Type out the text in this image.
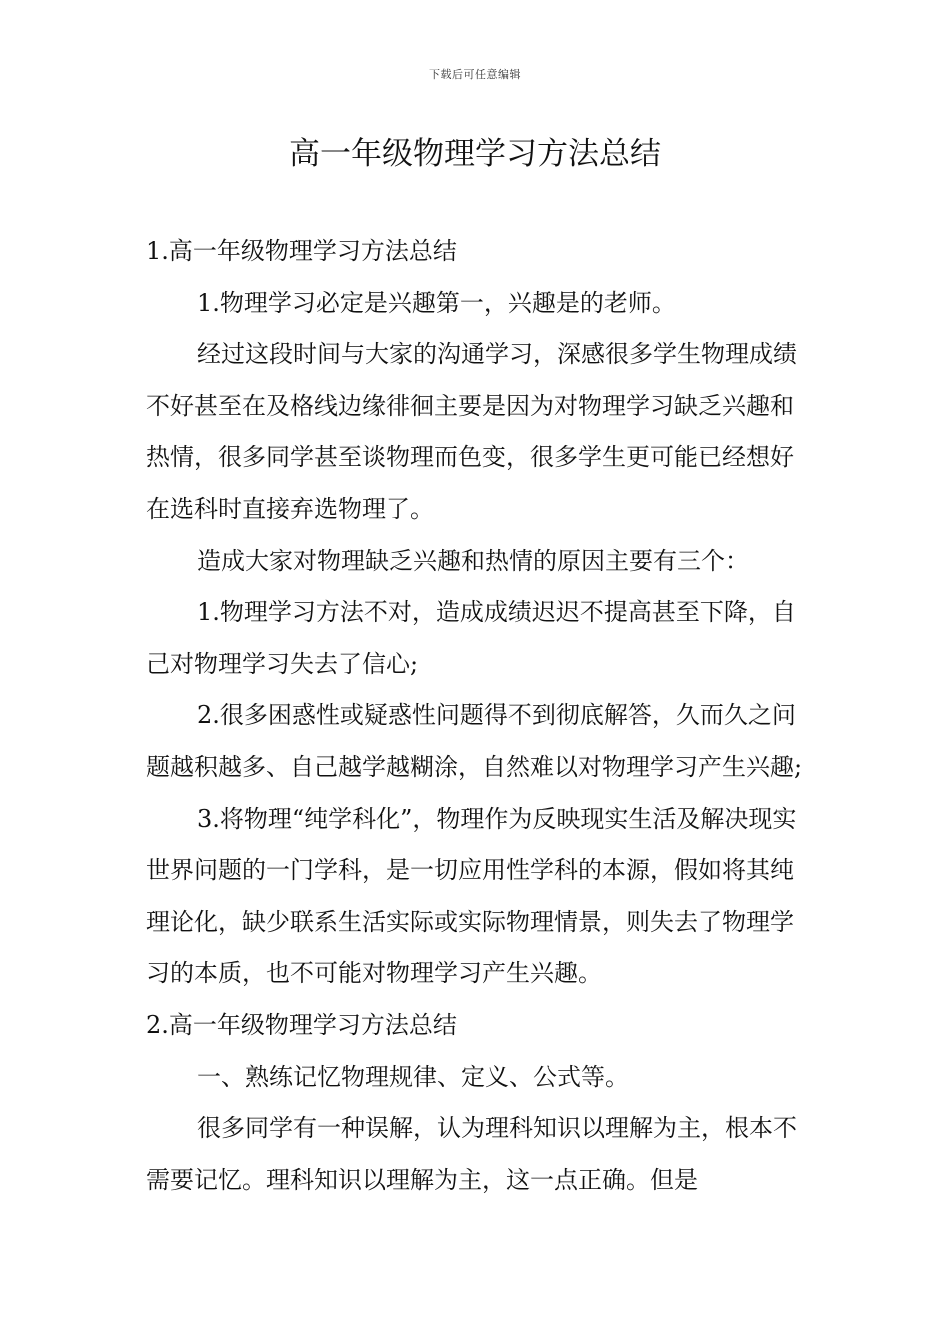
下载后可任意编辑
高一年级物理学习方法总结

1.高一年级物理学习方法总结

1.物理学习必定是兴趣第一，兴趣是的老师。

经过这段时间与大家的沟通学习，深感很多学生物理成绩不好甚至在及格线边缘徘徊主要是因为对物理学习缺乏兴趣和热情，很多同学甚至谈物理而色变，很多学生更可能已经想好在选科时直接弃选物理了。

造成大家对物理缺乏兴趣和热情的原因主要有三个：

1.物理学习方法不对，造成成绩迟迟不提高甚至下降，自己对物理学习失去了信心;

2.很多困惑性或疑惑性问题得不到彻底解答，久而久之问题越积越多、自己越学越糊涂，自然难以对物理学习产生兴趣;

3.将物理“纯学科化”，物理作为反映现实生活及解决现实世界问题的一门学科，是一切应用性学科的本源，假如将其纯理论化，缺少联系生活实际或实际物理情景，则失去了物理学习的本质，也不可能对物理学习产生兴趣。

2.高一年级物理学习方法总结

一、熟练记忆物理规律、定义、公式等。

很多同学有一种误解，认为理科知识以理解为主，根本不需要记忆。理科知识以理解为主，这一点正确。但是
